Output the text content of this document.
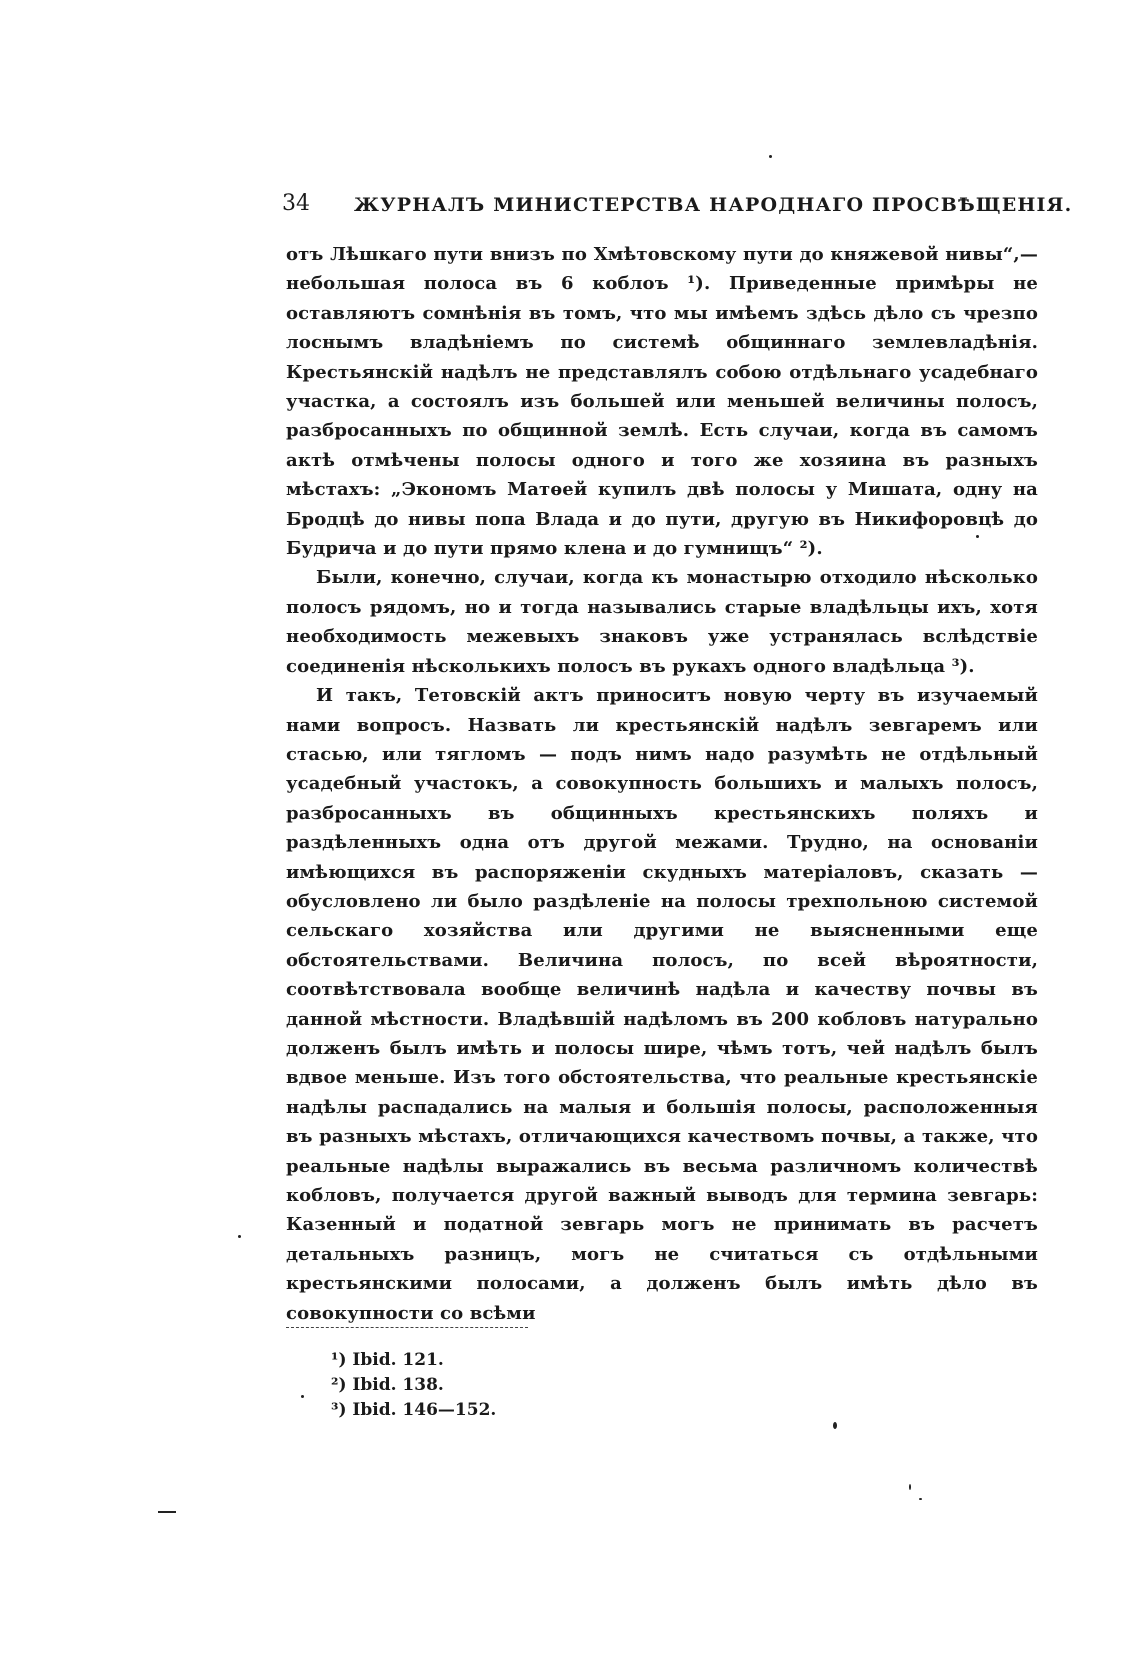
34 ЖУРНАЛЪ МИНИСТЕРСТВА НАРОДНАГО ПРОСВѢЩЕНІЯ.

отъ Лѣшкаго пути внизъ по Хмѣтовскому пути до княжевой нивы“,— небольшая полоса въ 6 коблоъ ¹). Приведенные примѣры не оставляютъ сомнѣнія въ томъ, что мы имѣемъ здѣсь дѣло съ чрезпо лоснымъ владѣніемъ по системѣ общиннаго землевладѣнія. Крестьянскій надѣлъ не представлялъ собою отдѣльнаго усадебнаго участка, а состоялъ изъ большей или меньшей величины полосъ, разбросанныхъ по общинной землѣ. Есть случаи, когда въ самомъ актѣ отмѣчены полосы одного и того же хозяина въ разныхъ мѣстахъ: „Экономъ Матѳей купилъ двѣ полосы у Мишата, одну на Бродцѣ до нивы попа Влада и до пути, другую въ Никифоровцѣ до Будрича и до пути прямо клена и до гумнищъ“ ²).

Были, конечно, случаи, когда къ монастырю отходило нѣсколько полосъ рядомъ, но и тогда назывались старые владѣльцы ихъ, хотя необходимость межевыхъ знаковъ уже устранялась вслѣдствіе соединенія нѣсколькихъ полосъ въ рукахъ одного владѣльца ³).

И такъ, Тетовскій актъ приноситъ новую черту въ изучаемый нами вопросъ. Назвать ли крестьянскій надѣлъ зевгаремъ или стасью, или тягломъ — подъ нимъ надо разумѣть не отдѣльный усадебный участокъ, а совокупность большихъ и малыхъ полосъ, разбросанныхъ въ общинныхъ крестьянскихъ поляхъ и раздѣленныхъ одна отъ другой межами. Трудно, на основаніи имѣющихся въ распоряженіи скудныхъ матеріаловъ, сказать — обусловлено ли было раздѣленіе на полосы трехпольною системой сельскаго хозяйства или другими не выясненными еще обстоятельствами. Величина полосъ, по всей вѣроятности, соотвѣтствовала вообще величинѣ надѣла и качеству почвы въ данной мѣстности. Владѣвшій надѣломъ въ 200 кобловъ натурально долженъ былъ имѣть и полосы шире, чѣмъ тотъ, чей надѣлъ былъ вдвое меньше. Изъ того обстоятельства, что реальные крестьянскіе надѣлы распадались на малыя и большія полосы, расположенныя въ разныхъ мѣстахъ, отличающихся качествомъ почвы, а также, что реальные надѣлы выражались въ весьма различномъ количествѣ кобловъ, получается другой важный выводъ для термина зевгарь: Казенный и податной зевгарь могъ не принимать въ расчетъ детальныхъ разницъ, могъ не считаться съ отдѣльными крестьянскими полосами, а долженъ былъ имѣть дѣло въ совокупности со всѣми

¹) Ibid. 121.
²) Ibid. 138.
³) Ibid. 146—152.
